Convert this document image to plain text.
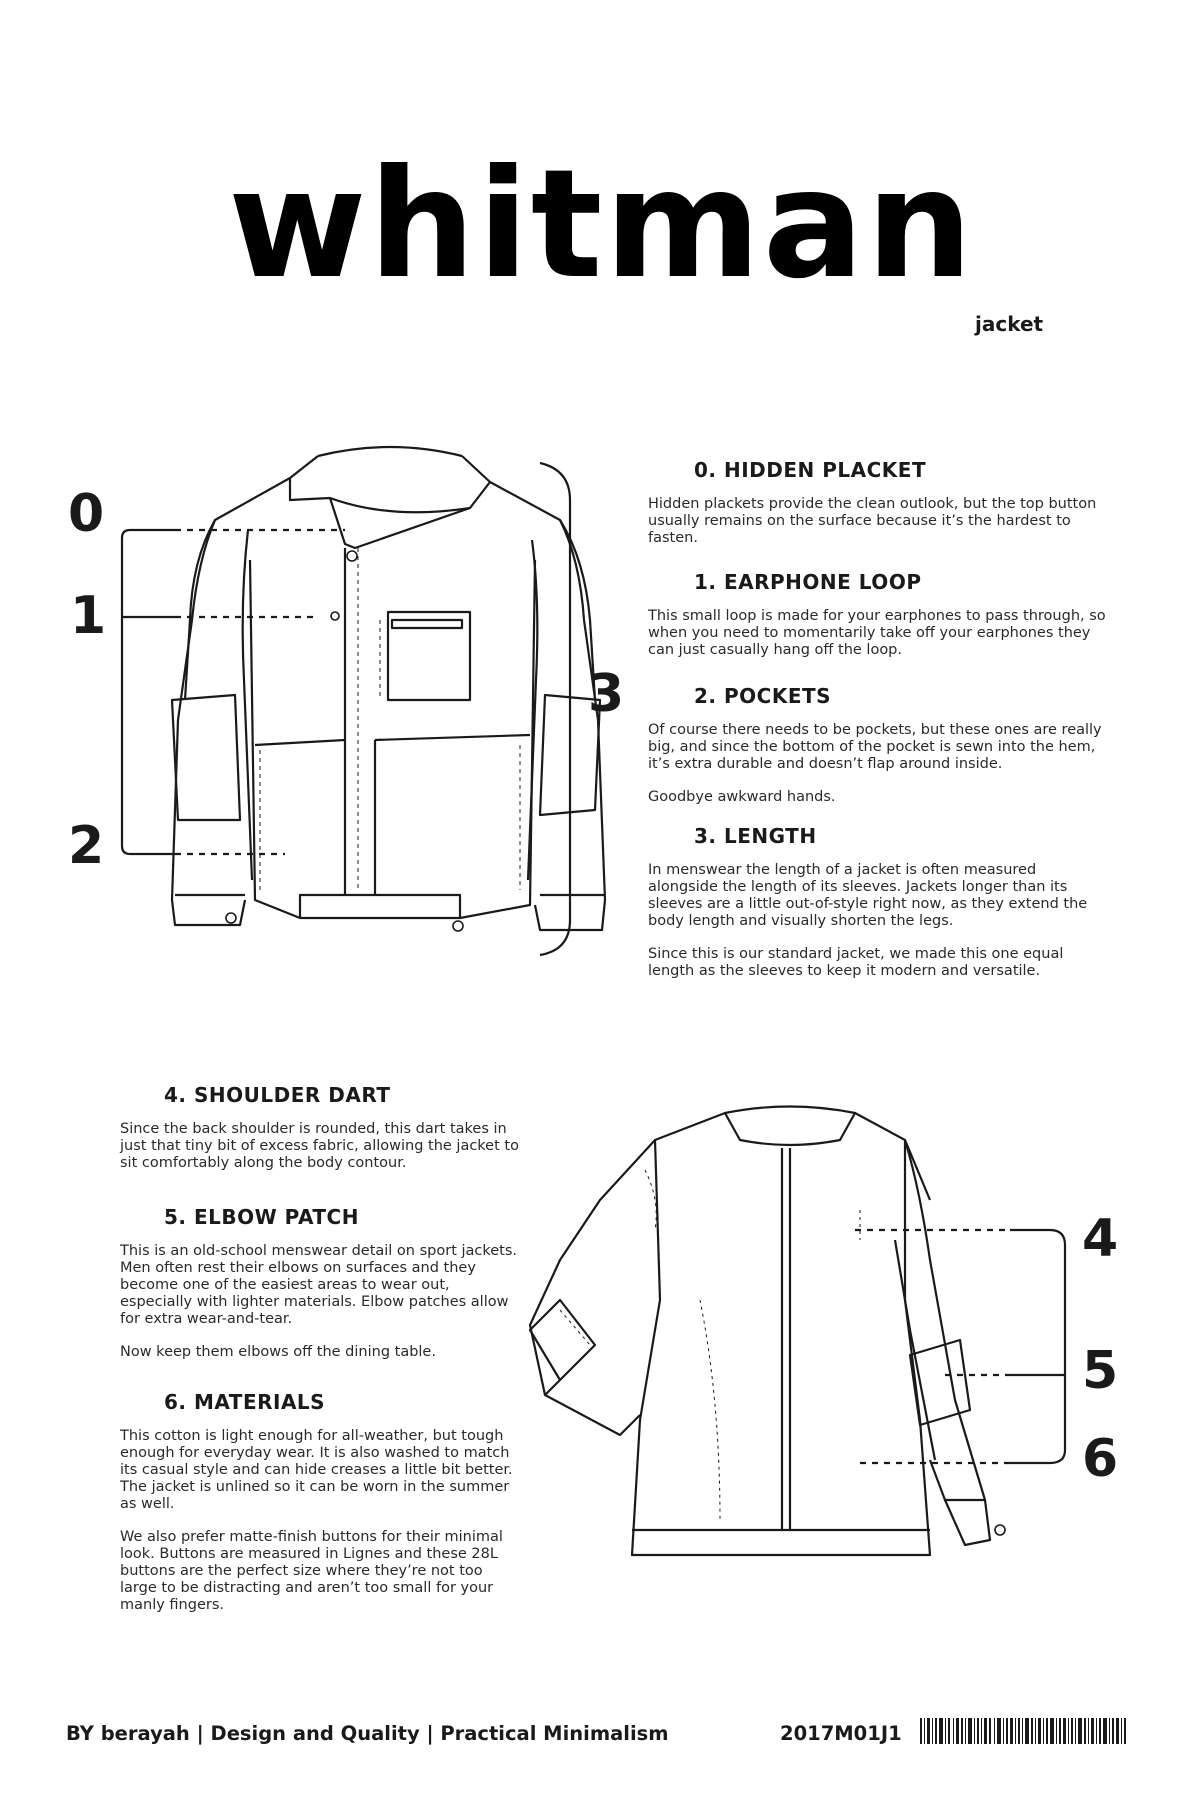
whitman
jacket
0
1
2
3
0. HIDDEN PLACKET

Hidden plackets provide the clean outlook, but the top button usually remains on the surface because it’s the hardest to fasten.

1. EARPHONE LOOP

This small loop is made for your earphones to pass through, so when you need to momentarily take off your earphones they can just casually hang off the loop.

2. POCKETS

Of course there needs to be pockets, but these ones are really big, and since the bottom of the pocket is sewn into the hem, it’s extra durable and doesn’t flap around inside.

Goodbye awkward hands.

3. LENGTH

In menswear the length of a jacket is often measured alongside the length of its sleeves. Jackets longer than its sleeves are a little out-of-style right now, as they extend the body length and visually shorten the legs.

Since this is our standard jacket, we made this one equal length as the sleeves to keep it modern and versatile.

4. SHOULDER DART

Since the back shoulder is rounded, this dart takes in just that tiny bit of excess fabric, allowing the jacket to sit comfortably along the body contour.

5. ELBOW PATCH

This is an old-school menswear detail on sport jackets. Men often rest their elbows on surfaces and they become one of the easiest areas to wear out, especially with lighter materials. Elbow patches allow for extra wear-and-tear.

Now keep them elbows off the dining table.

6. MATERIALS

This cotton is light enough for all-weather, but tough enough for everyday wear. It is also washed to match its casual style and can hide creases a little bit better. The jacket is unlined so it can be worn in the summer as well.

We also prefer matte-finish buttons for their minimal look. Buttons are measured in Lignes and these 28L buttons are the perfect size where they’re not too large to be distracting and aren’t too small for your manly fingers.

4
5
6
BY berayah | Design and Quality | Practical Minimalism	2017M01J1
